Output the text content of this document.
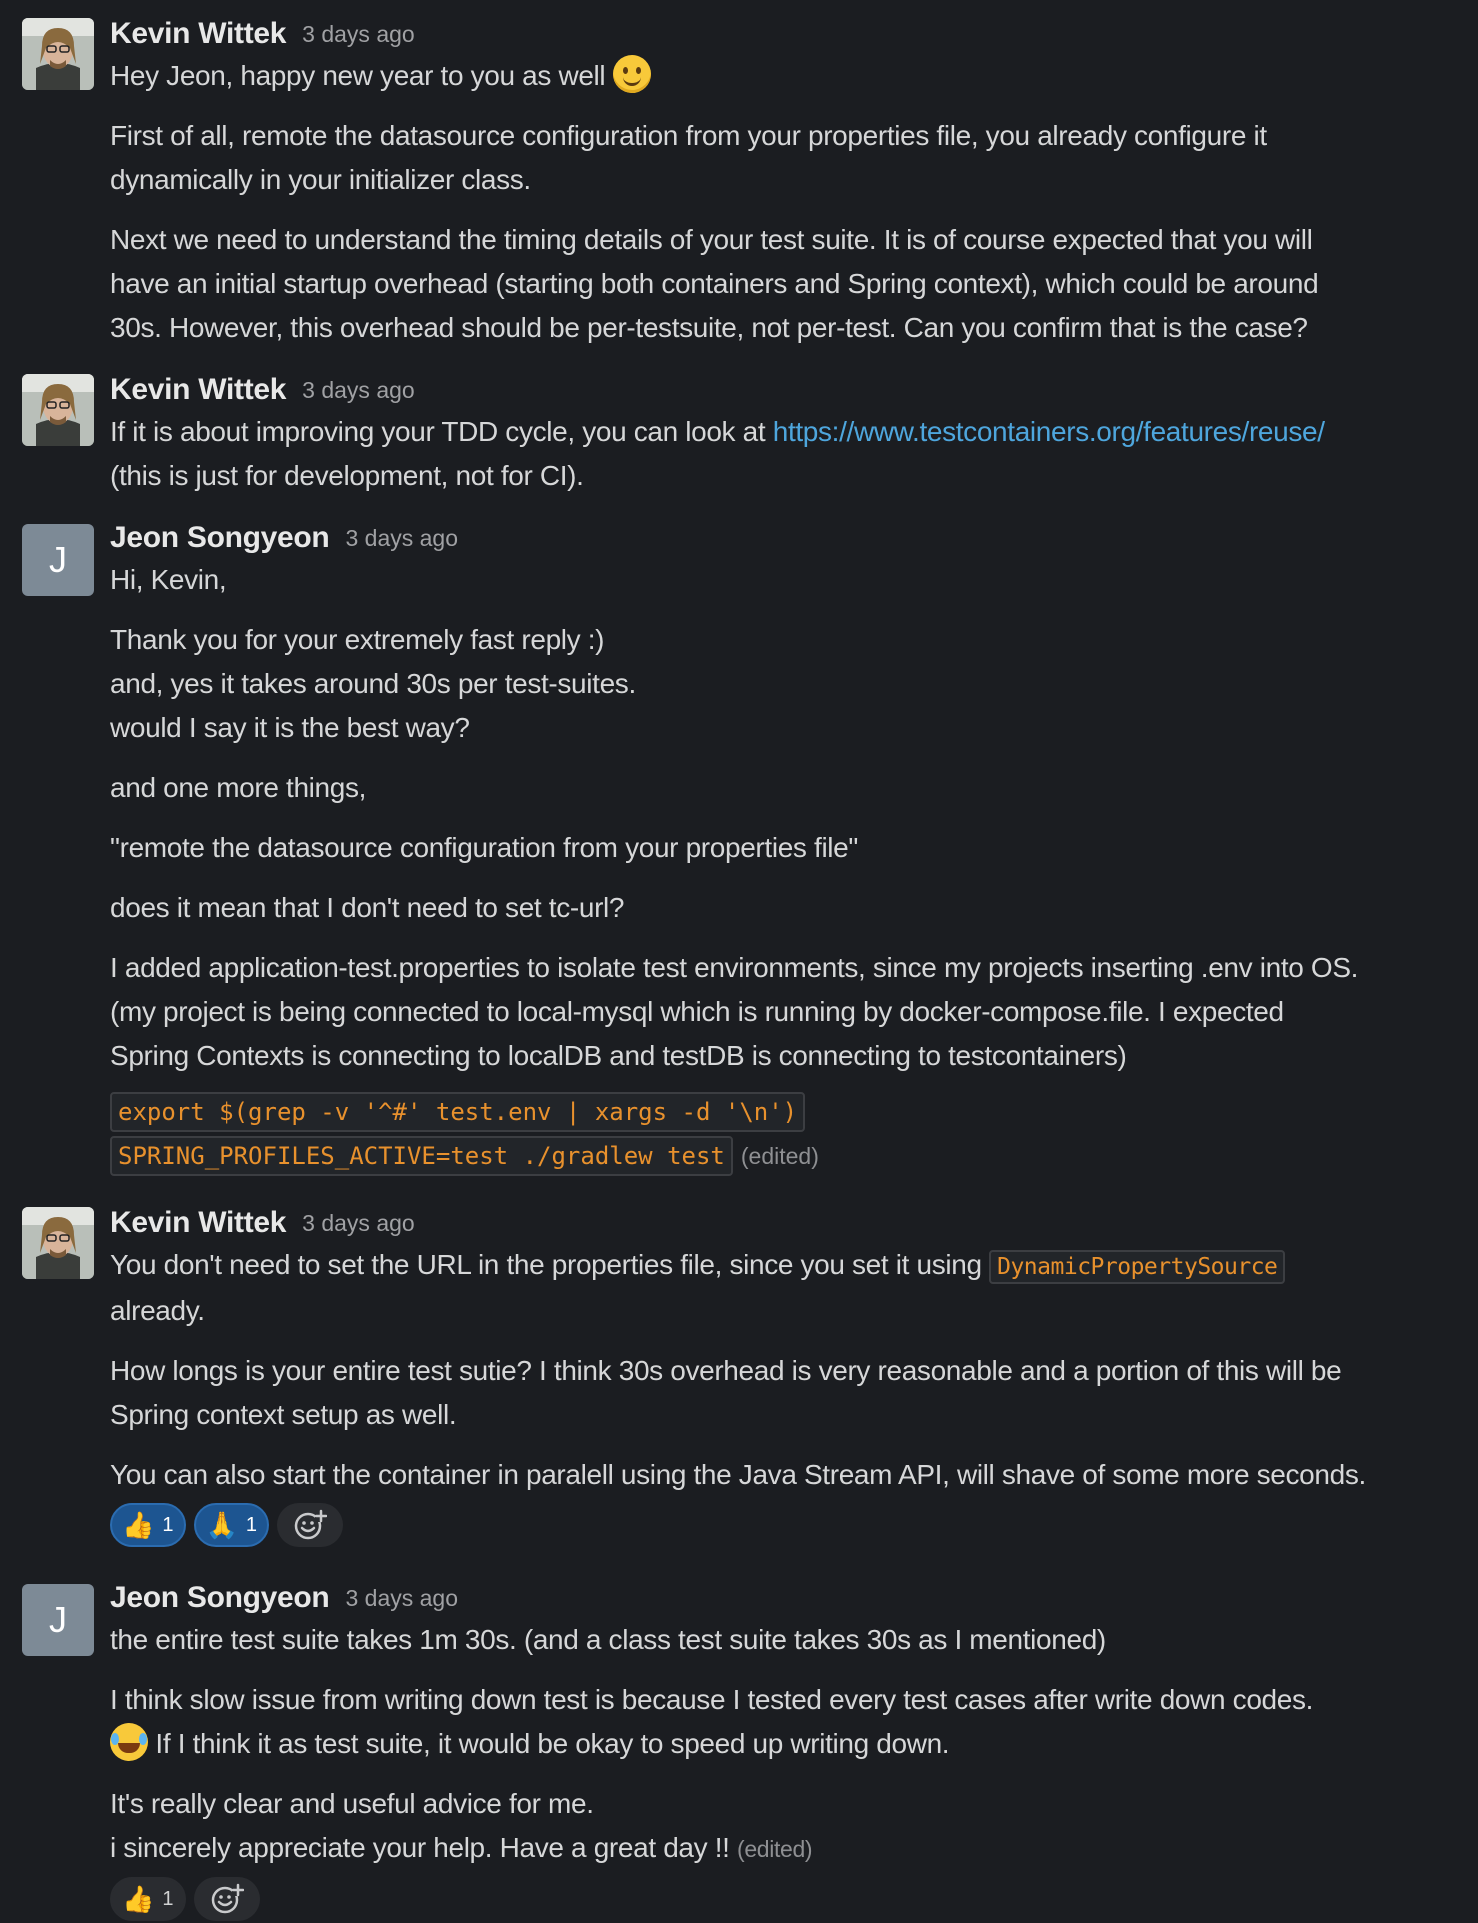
Kevin Wittek 3 days ago

Hey Jeon, happy new year to you as well

First of all, remote the datasource configuration from your properties file, you already configure it

dynamically in your initializer class.

Next we need to understand the timing details of your test suite. It is of course expected that you will

have an initial startup overhead (starting both containers and Spring context), which could be around

30s. However, this overhead should be per-testsuite, not per-test. Can you confirm that is the case?

Kevin Wittek 3 days ago

If it is about improving your TDD cycle, you can look at https://www.testcontainers.org/features/reuse/

(this is just for development, not for CI).

J
Jeon Songyeon 3 days ago

Hi, Kevin,

Thank you for your extremely fast reply :)

and, yes it takes around 30s per test-suites.

would I say it is the best way?

and one more things,

"remote the datasource configuration from your properties file"

does it mean that I don't need to set tc-url?

I added application-test.properties to isolate test environments, since my projects inserting .env into OS.

(my project is being connected to local-mysql which is running by docker-compose.file. I expected

Spring Contexts is connecting to localDB and testDB is connecting to testcontainers)

export $(grep -v '^#' test.env | xargs -d '\n')
SPRING_PROFILES_ACTIVE=test ./gradlew test (edited)
Kevin Wittek 3 days ago

You don't need to set the URL in the properties file, since you set it using DynamicPropertySource

already.

How longs is your entire test sutie? I think 30s overhead is very reasonable and a portion of this will be

Spring context setup as well.

You can also start the container in paralell using the Java Stream API, will shave of some more seconds.

👍 1 🙏 1
J
Jeon Songyeon 3 days ago

the entire test suite takes 1m 30s. (and a class test suite takes 30s as I mentioned)

I think slow issue from writing down test is because I tested every test cases after write down codes.

If I think it as test suite, it would be okay to speed up writing down.

It's really clear and useful advice for me.

i sincerely appreciate your help. Have a great day !! (edited)

👍 1
